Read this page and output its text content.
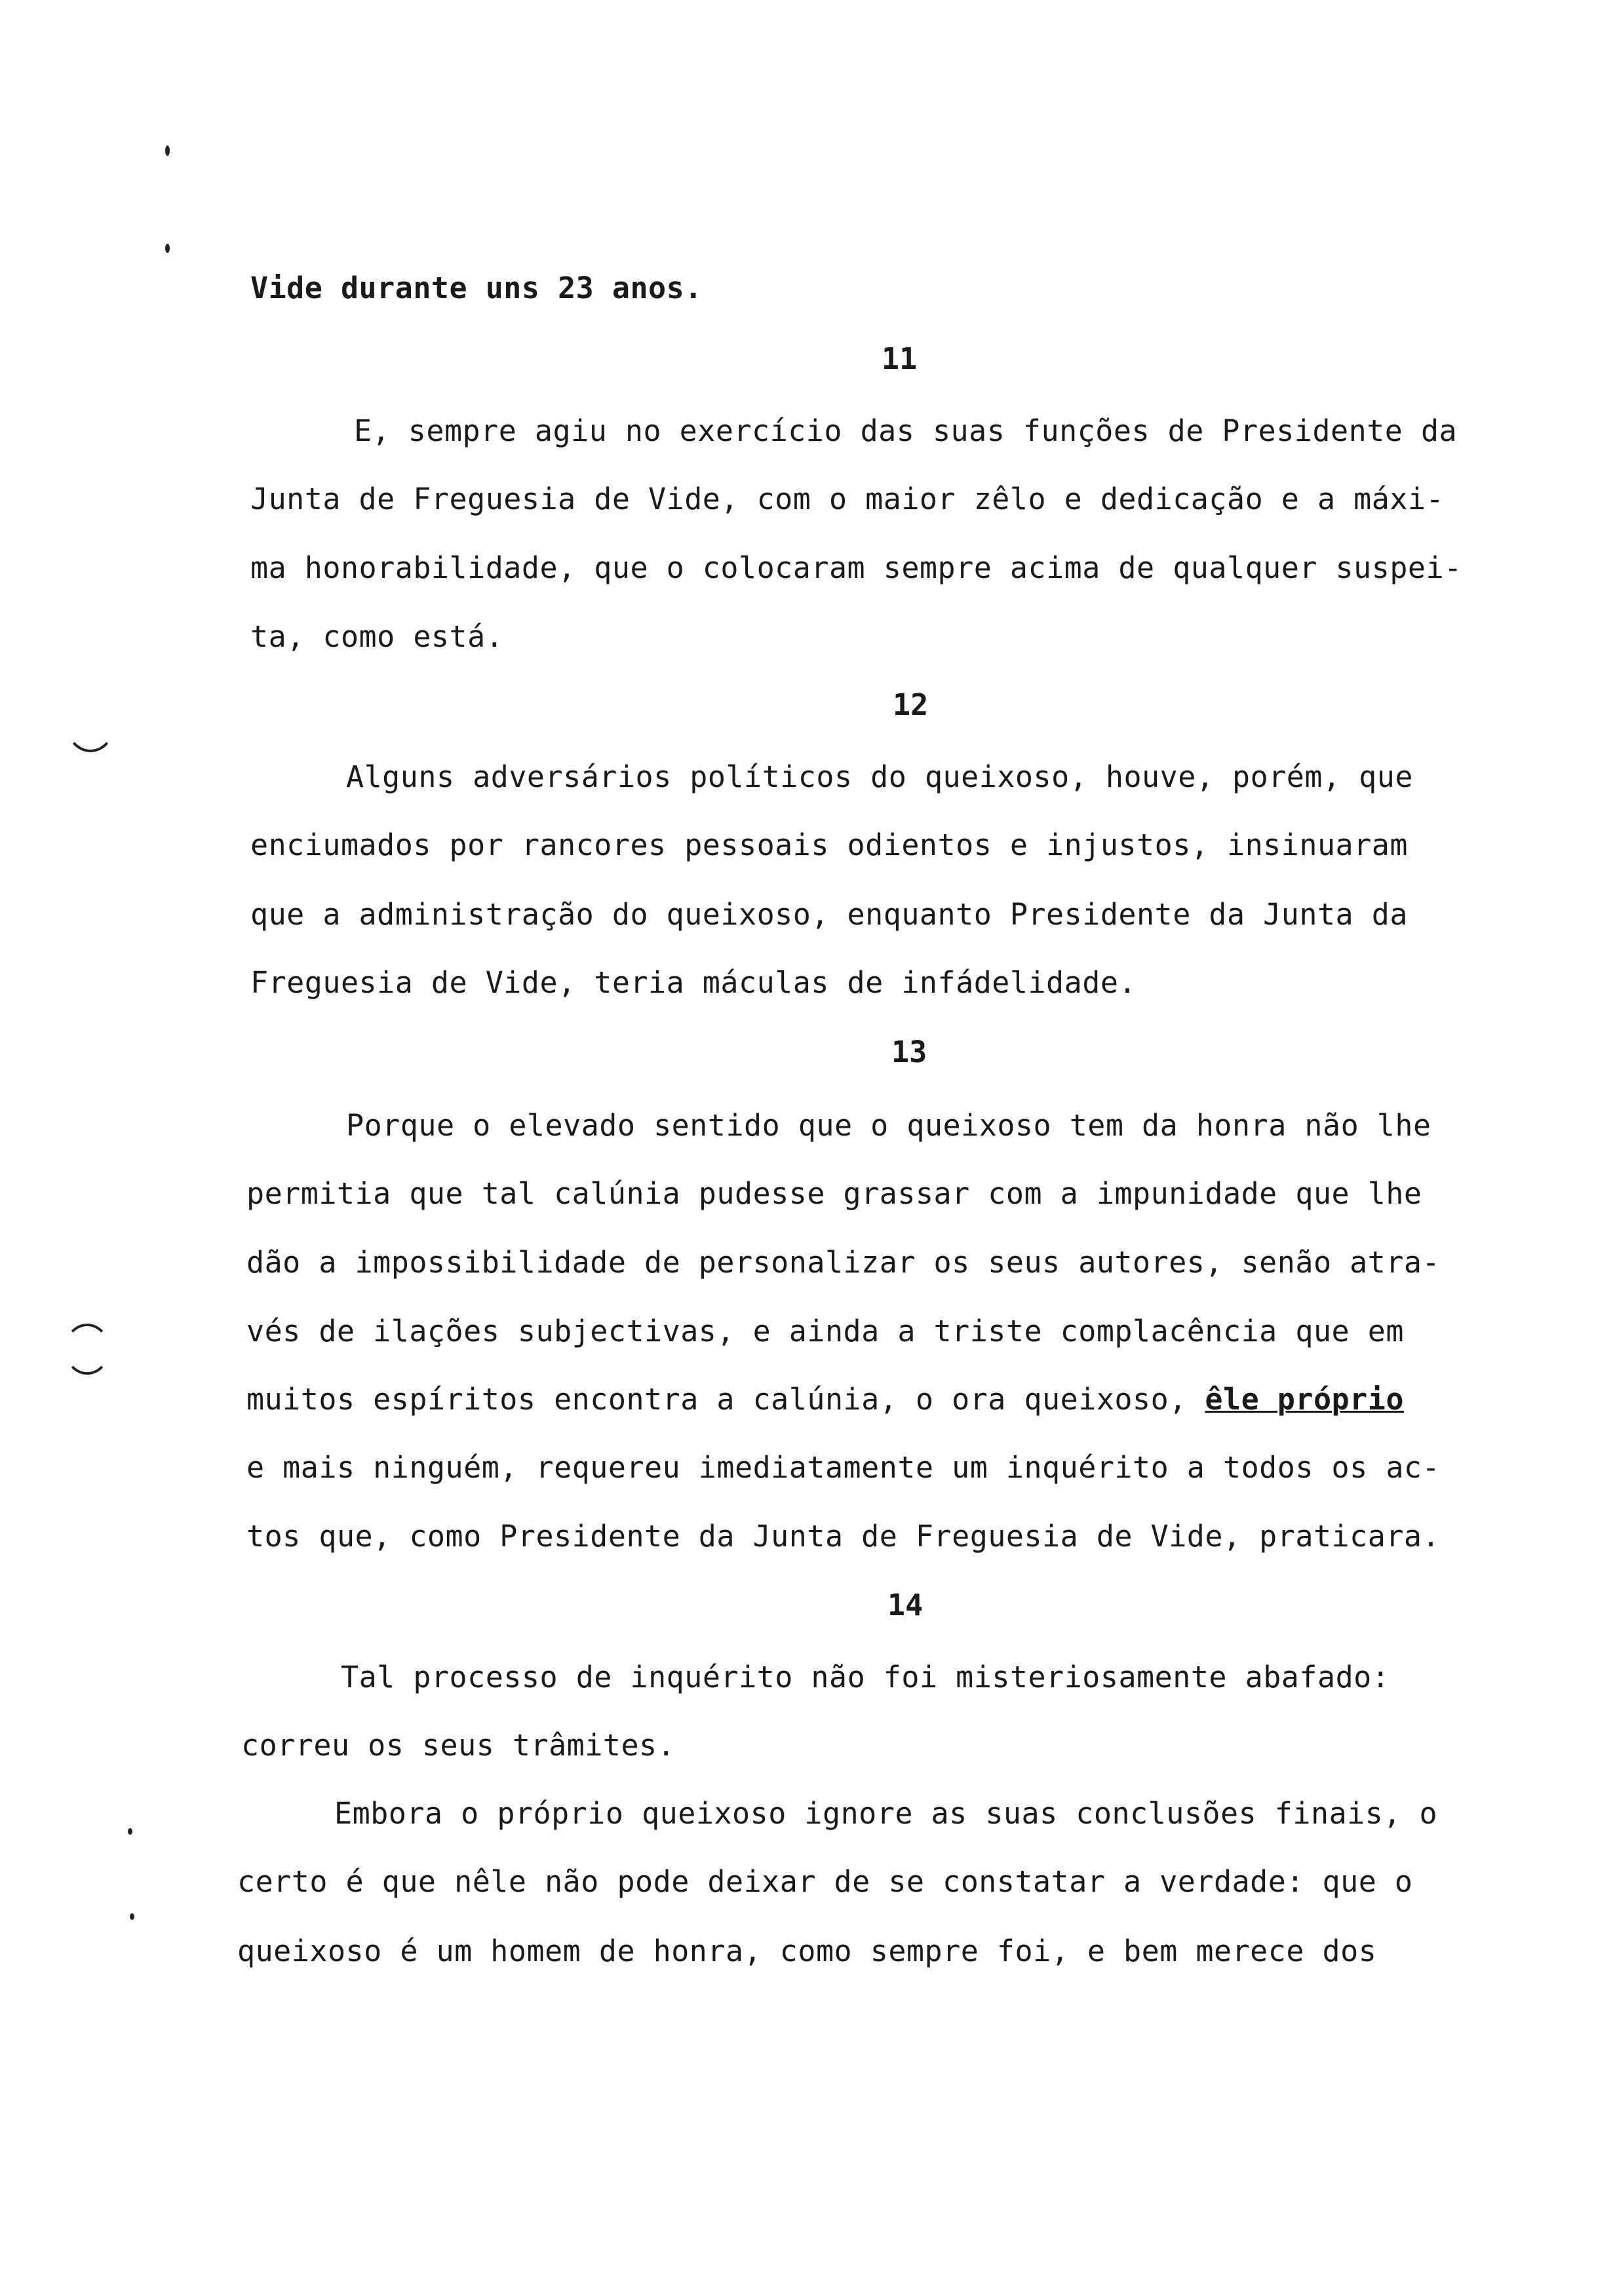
Vide durante uns 23 anos.
11
E, sempre agiu no exercício das suas funções de Presidente da
Junta de Freguesia de Vide, com o maior zêlo e dedicação e a máxi-
ma honorabilidade, que o colocaram sempre acima de qualquer suspei-
ta, como está.
12
Alguns adversários políticos do queixoso, houve, porém, que
enciumados por rancores pessoais odientos e injustos, insinuaram
que a administração do queixoso, enquanto Presidente da Junta da
Freguesia de Vide, teria máculas de infádelidade.
13
Porque o elevado sentido que o queixoso tem da honra não lhe
permitia que tal calúnia pudesse grassar com a impunidade que lhe
dão a impossibilidade de personalizar os seus autores, senão atra-
vés de ilações subjectivas, e ainda a triste complacência que em
muitos espíritos encontra a calúnia, o ora queixoso, êle próprio
e mais ninguém, requereu imediatamente um inquérito a todos os ac-
tos que, como Presidente da Junta de Freguesia de Vide, praticara.
14
Tal processo de inquérito não foi misteriosamente abafado:
correu os seus trâmites.
Embora o próprio queixoso ignore as suas conclusões finais, o
certo é que nêle não pode deixar de se constatar a verdade: que o
queixoso é um homem de honra, como sempre foi, e bem merece dos
